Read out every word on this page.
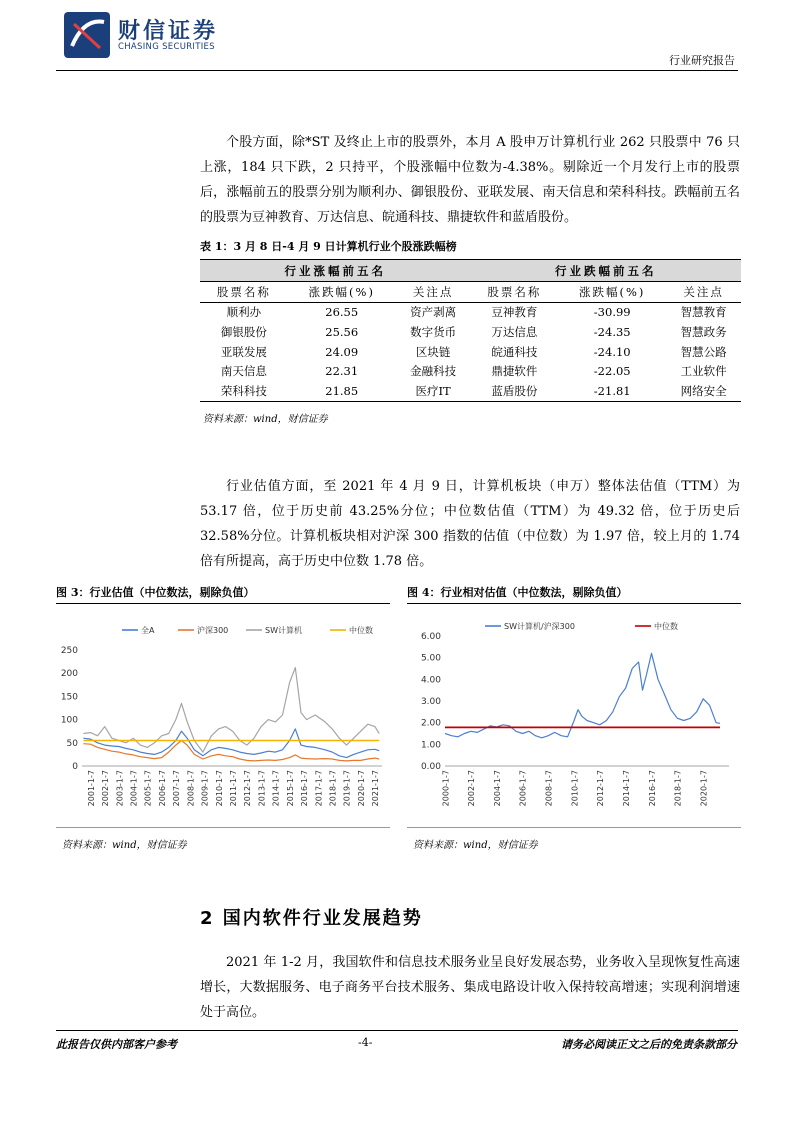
财信证券
CHASING SECURITIES
行业研究报告

个股方面，除*ST 及终止上市的股票外，本月 A 股申万计算机行业 262 只股票中 76 只上涨，184 只下跌，2 只持平，个股涨幅中位数为-4.38%。剔除近一个月发行上市的股票后，涨幅前五的股票分别为顺利办、御银股份、亚联发展、南天信息和荣科科技。跌幅前五名的股票为豆神教育、万达信息、皖通科技、鼎捷软件和蓝盾股份。

表 1：3 月 8 日-4 月 9 日计算机行业个股涨跌幅榜
行业涨幅前五名			行业跌幅前五名		
股票名称	涨跌幅(%)	关注点	股票名称	涨跌幅(%)	关注点
顺利办	26.55	资产剥离	豆神教育	-30.99	智慧教育
御银股份	25.56	数字货币	万达信息	-24.35	智慧政务
亚联发展	24.09	区块链	皖通科技	-24.10	智慧公路
南天信息	22.31	金融科技	鼎捷软件	-22.05	工业软件
荣科科技	21.85	医疗IT	蓝盾股份	-21.81	网络安全
资料来源：wind，财信证券

行业估值方面，至 2021 年 4 月 9 日，计算机板块（申万）整体法估值（TTM）为 53.17 倍，位于历史前 43.25%分位；中位数估值（TTM）为 49.32 倍，位于历史后 32.58%分位。计算机板块相对沪深 300 指数的估值（中位数）为 1.97 倍，较上月的 1.74 倍有所提高，高于历史中位数 1.78 倍。

图 3：行业估值（中位数法，剔除负值）
0
50
100
150
200
250
2001-1-7 2002-1-7 2003-1-7 2004-1-7 2005-1-7 2006-1-7 2007-1-7 2008-1-7 2009-1-7 2010-1-7 2011-1-7 2012-1-7 2013-1-7 2014-1-7 2015-1-7 2016-1-7 2017-1-7 2018-1-7 2019-1-7 2020-1-7 2021-1-7
全A	沪深300	SW计算机	中位数
资料来源：wind，财信证券
图 4：行业相对估值（中位数法，剔除负值）
0.00
1.00
2.00
3.00
4.00
5.00
6.00
2000-1-7 2002-1-7 2004-1-7 2006-1-7 2008-1-7 2010-1-7 2012-1-7 2014-1-7 2016-1-7 2018-1-7 2020-1-7
SW计算机/沪深300	中位数
资料来源：wind，财信证券
2 国内软件行业发展趋势

2021 年 1-2 月，我国软件和信息技术服务业呈良好发展态势，业务收入呈现恢复性高速增长，大数据服务、电子商务平台技术服务、集成电路设计收入保持较高增速；实现利润增速处于高位。

此报告仅供内部客户参考	-4-	请务必阅读正文之后的免责条款部分
